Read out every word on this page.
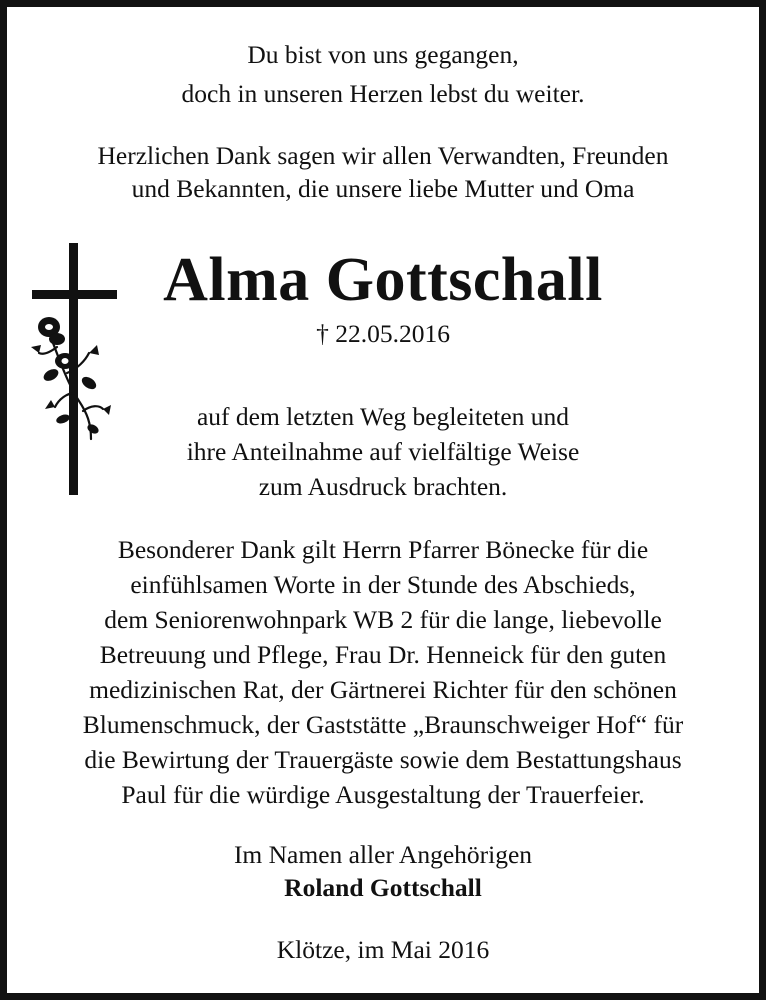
Du bist von uns gegangen,
doch in unseren Herzen lebst du weiter.
Herzlichen Dank sagen wir allen Verwandten, Freunden
und Bekannten, die unsere liebe Mutter und Oma
Alma Gottschall
† 22.05.2016
auf dem letzten Weg begleiteten und
ihre Anteilnahme auf vielfältige Weise
zum Ausdruck brachten.
Besonderer Dank gilt Herrn Pfarrer Bönecke für die
einfühlsamen Worte in der Stunde des Abschieds,
dem Seniorenwohnpark WB 2 für die lange, liebevolle
Betreuung und Pflege, Frau Dr. Henneick für den guten
medizinischen Rat, der Gärtnerei Richter für den schönen
Blumenschmuck, der Gaststätte „Braunschweiger Hof“ für
die Bewirtung der Trauergäste sowie dem Bestattungshaus
Paul für die würdige Ausgestaltung der Trauerfeier.
Im Namen aller Angehörigen
Roland Gottschall
Klötze, im Mai 2016
